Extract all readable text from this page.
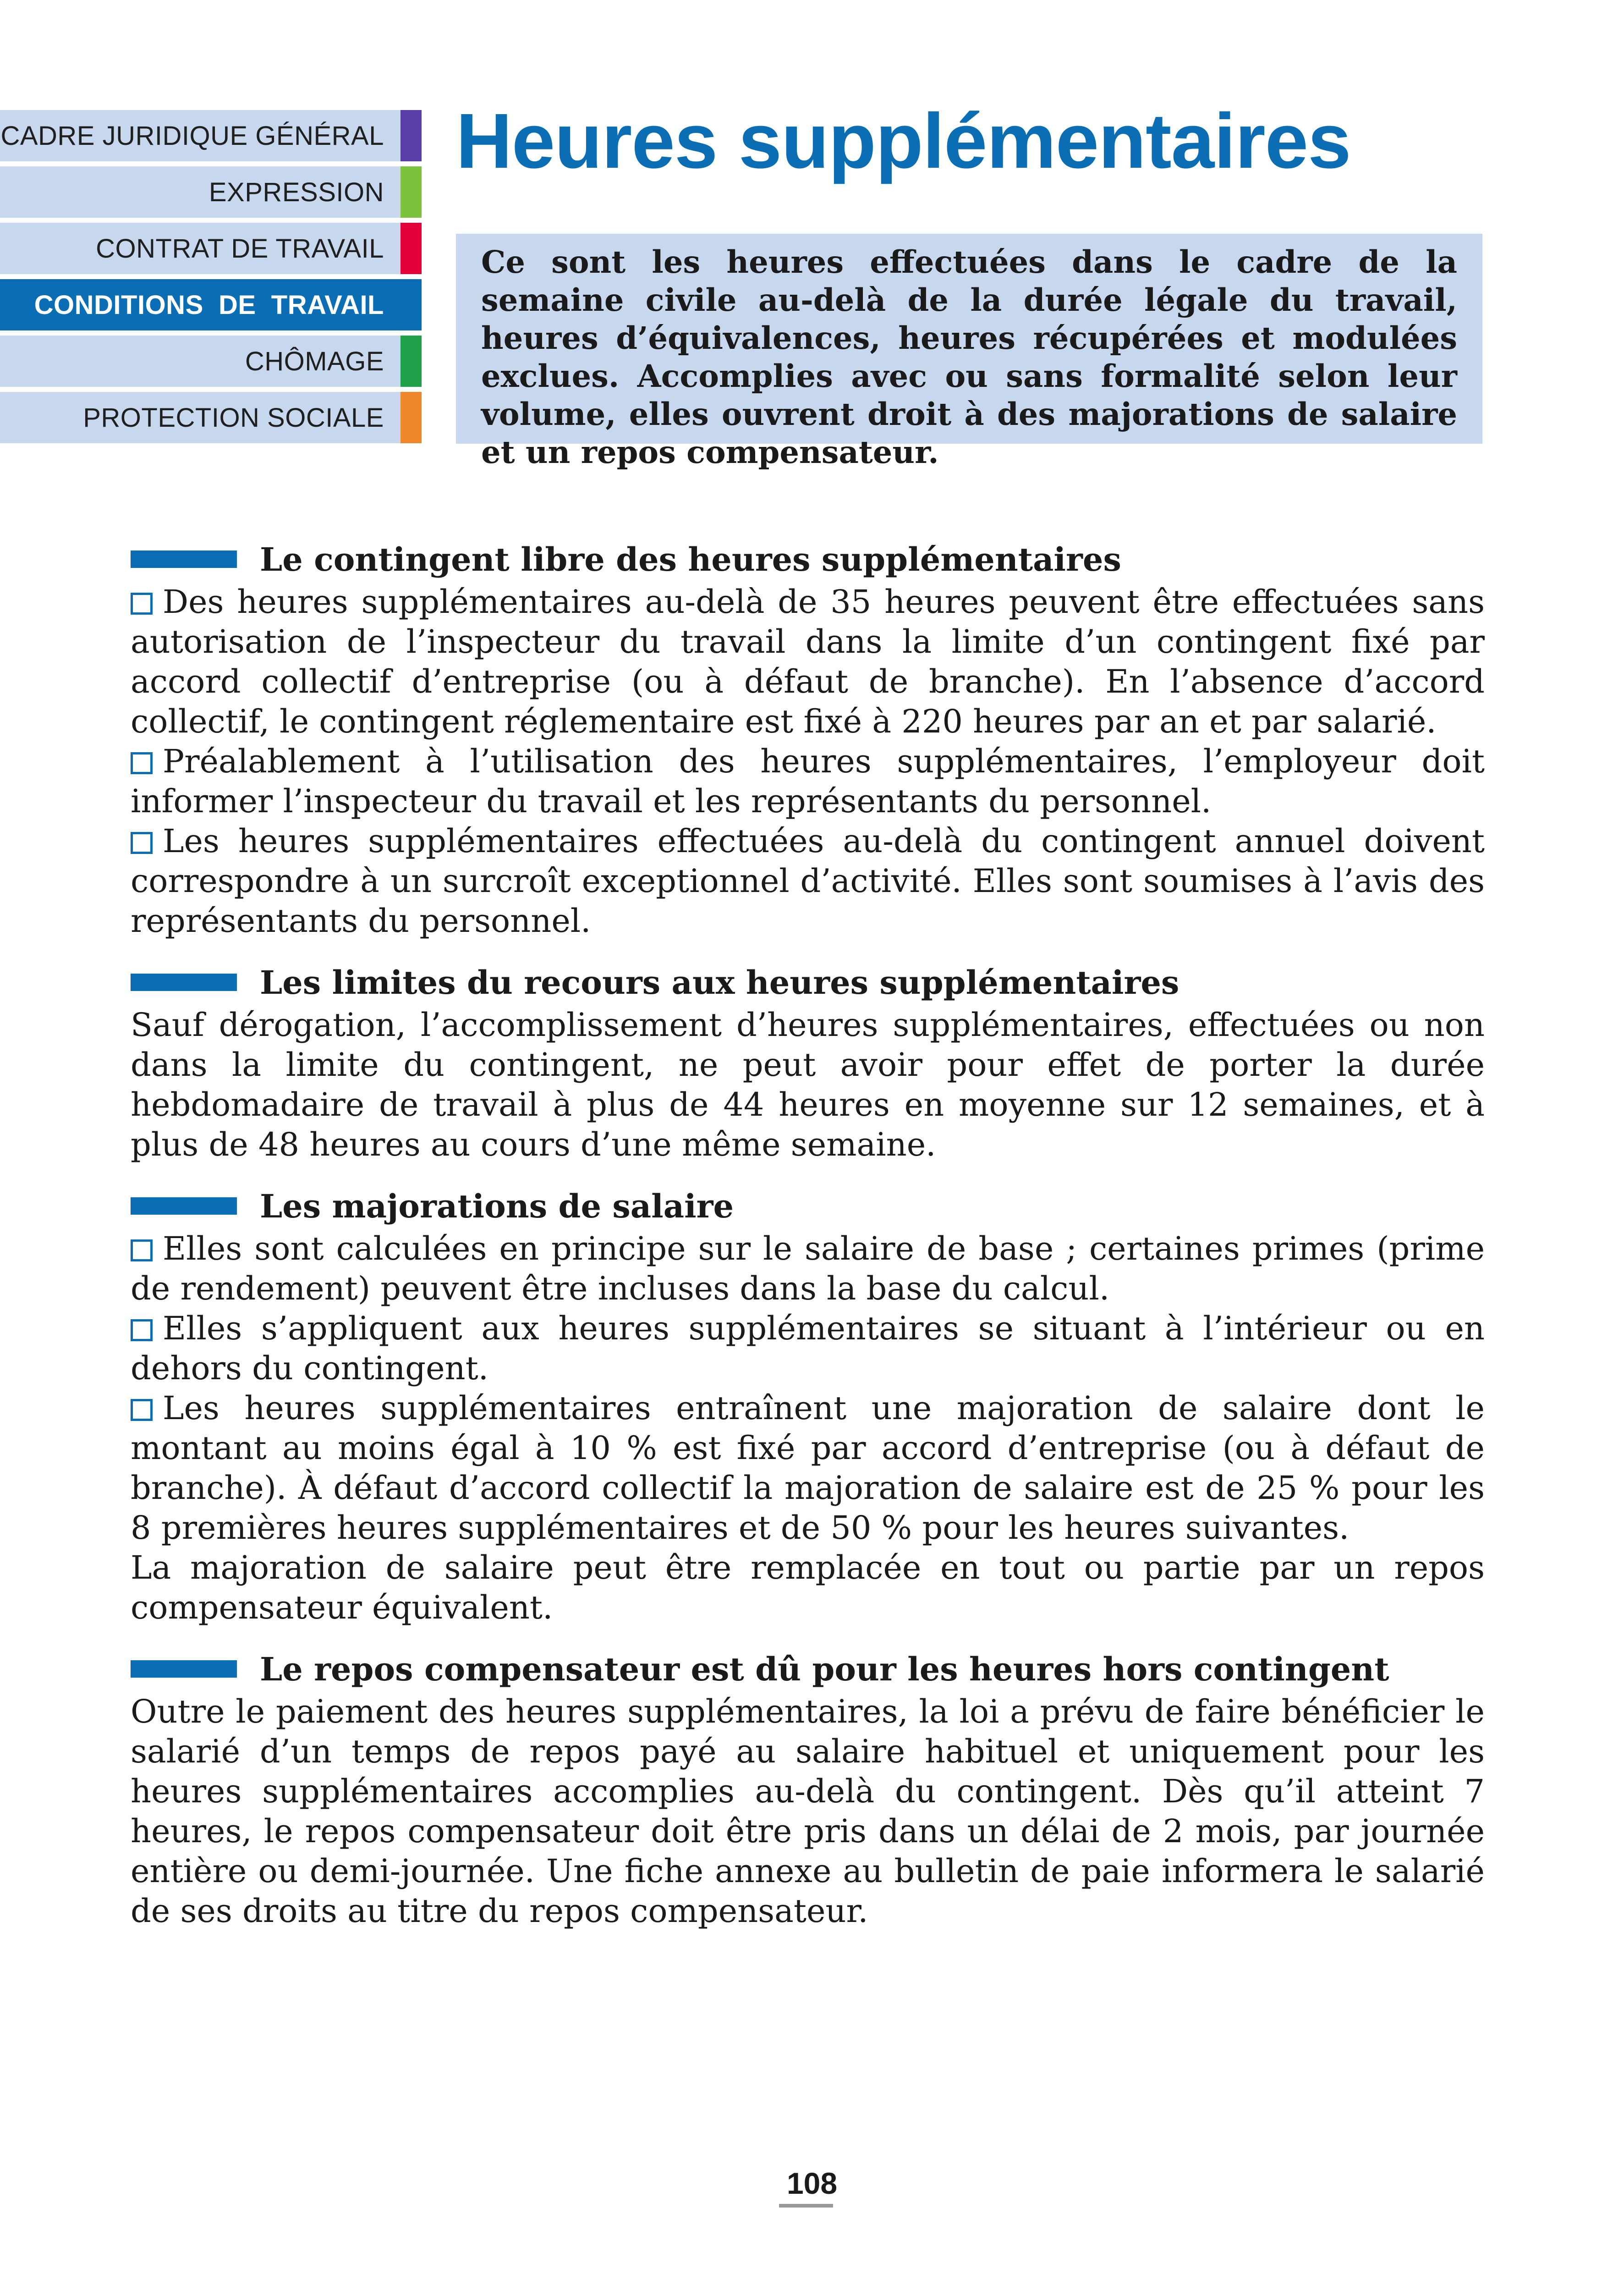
CADRE JURIDIQUE GÉNÉRAL
EXPRESSION
CONTRAT DE TRAVAIL
CONDITIONS  DE  TRAVAIL
CHÔMAGE
PROTECTION SOCIALE
Heures supplémentaires
Ce sont les heures effectuées dans le cadre de la semaine civile au-delà de la durée légale du travail, heures d’équivalences, heures récupérées et modulées exclues. Accomplies avec ou sans formalité selon leur volume, elles ouvrent droit à des majorations de salaire et un repos compensateur.
Le contingent libre des heures supplémentaires

Des heures supplémentaires au-delà de 35 heures peuvent être effectuées sans autorisation de l’inspecteur du travail dans la limite d’un contingent fixé par accord collectif d’entreprise (ou à défaut de branche). En l’absence d’accord collectif, le contingent réglementaire est fixé à 220 heures par an et par salarié.

Préalablement à l’utilisation des heures supplémentaires, l’employeur doit informer l’inspecteur du travail et les représentants du personnel.

Les heures supplémentaires effectuées au-delà du contingent annuel doivent correspondre à un surcroît exceptionnel d’activité. Elles sont soumises à l’avis des représentants du personnel.

Les limites du recours aux heures supplémentaires

Sauf dérogation, l’accomplissement d’heures supplémentaires, effectuées ou non dans la limite du contingent, ne peut avoir pour effet de porter la durée hebdomadaire de travail à plus de 44 heures en moyenne sur 12 semaines, et à plus de 48 heures au cours d’une même semaine.

Les majorations de salaire

Elles sont calculées en principe sur le salaire de base ; certaines primes (prime de rendement) peuvent être incluses dans la base du calcul.

Elles s’appliquent aux heures supplémentaires se situant à l’intérieur ou en dehors du contingent.

Les heures supplémentaires entraînent une majoration de salaire dont le montant au moins égal à 10 % est fixé par accord d’entreprise (ou à défaut de branche). À défaut d’accord collectif la majoration de salaire est de 25 % pour les 8 premières heures supplémentaires et de 50 % pour les heures suivantes.

La majoration de salaire peut être remplacée en tout ou partie par un repos compensateur équivalent.

Le repos compensateur est dû pour les heures hors contingent

Outre le paiement des heures supplémentaires, la loi a prévu de faire bénéficier le salarié d’un temps de repos payé au salaire habituel et uniquement pour les heures supplémentaires accomplies au-delà du contingent. Dès qu’il atteint 7 heures, le repos compensateur doit être pris dans un délai de 2 mois, par journée entière ou demi-journée. Une fiche annexe au bulletin de paie informera le salarié de ses droits au titre du repos compensateur.

108
